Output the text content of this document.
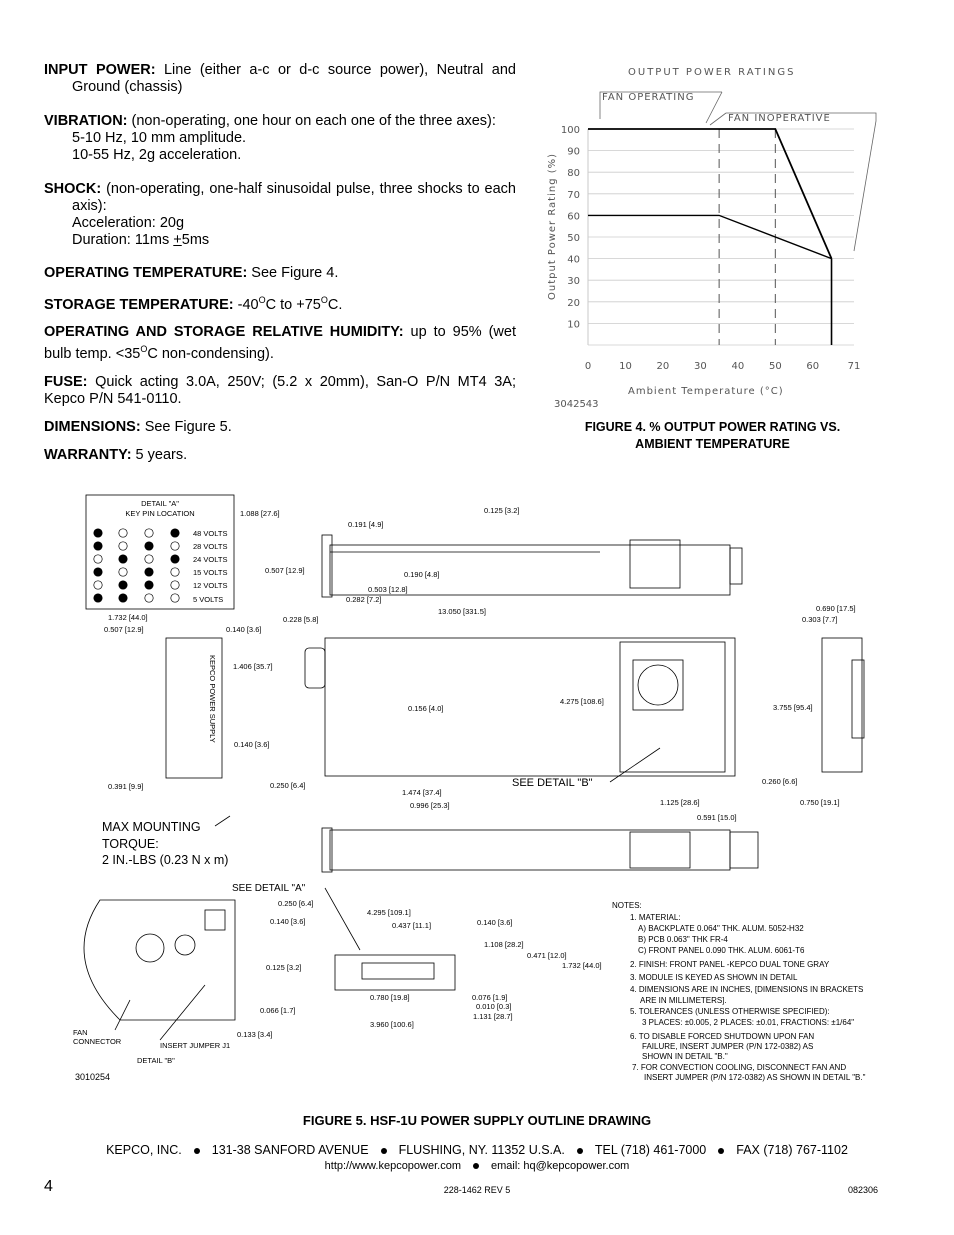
INPUT POWER: Line (either a-c or d-c source power), Neutral and Ground (chassis)

VIBRATION: (non-operating, one hour on each one of the three axes):

5-10 Hz, 10 mm amplitude.

10-55 Hz, 2g acceleration.

SHOCK: (non-operating, one-half sinusoidal pulse, three shocks to each axis):

Acceleration: 20g

Duration: 11ms +5ms

OPERATING TEMPERATURE: See Figure 4.

STORAGE TEMPERATURE: $-40^OC$ to $+75^OC$.

OPERATING AND STORAGE RELATIVE HUMIDITY: up to 95% (wet bulb temp. $<35^OC$ non-condensing).

FUSE: Quick acting 3.0A, 250V; (5.2 x 20mm), San-O P/N MT4 3A; Kepco P/N 541-0110.

DIMENSIONS: See Figure 5.

WARRANTY: 5 years.

OUTPUT POWER RATINGS
10
20
30
40
50
60
70
80
90
100
0	10 20 30 40 50 60	71
FAN OPERATING
FAN INOPERATIVE
Output Power Rating (%)
Ambient Temperature (°C)
3042543
FIGURE 4. % OUTPUT POWER RATING VS.
AMBIENT TEMPERATURE
DETAIL "A"
KEY PIN LOCATION
48 VOLTS
28 VOLTS
24 VOLTS
15 VOLTS
12 VOLTS
5 VOLTS
KEPCO POWER SUPPLY
1.088 [27.6]
0.191 [4.9]
0.125 [3.2]
0.507 [12.9]	0.190 [4.8]
0.503 [12.8]
0.282 [7.2]
1.732 [44.0]
0.507 [12.9]	0.140 [3.6]
0.228 [5.8]
13.050 [331.5]	0.690 [17.5]
0.303 [7.7]
1.406 [35.7]
0.156 [4.0]
4.275 [108.6]
3.755 [95.4]
0.140 [3.6]
0.260 [6.6]
0.391 [9.9]	0.250 [6.4]
1.474 [37.4]
0.996 [25.3]	1.125 [28.6]	0.750 [19.1]
0.591 [15.0]
0.250 [6.4]
4.295 [109.1]
0.140 [3.6]	0.437 [11.1]	0.140 [3.6]
1.108 [28.2]
0.471 [12.0]
1.732 [44.0]
0.125 [3.2]
0.780 [19.8]	0.076 [1.9]
0.010 [0.3]
1.131 [28.7]
0.066 [1.7]
3.960 [100.6]
0.133 [3.4]
SEE DETAIL "B"
SEE DETAIL "A"
MAX MOUNTING
TORQUE:
2 IN.-LBS (0.23 N x m)
FAN
CONNECTOR	INSERT JUMPER J1
DETAIL "B"
3010254
NOTES:
1. MATERIAL:
A) BACKPLATE 0.064" THK. ALUM. 5052-H32
B) PCB 0.063" THK FR-4
C) FRONT PANEL 0.090 THK. ALUM. 6061-T6
2. FINISH: FRONT PANEL -KEPCO DUAL TONE GRAY
3. MODULE IS KEYED AS SHOWN IN DETAIL
4. DIMENSIONS ARE IN INCHES, [DIMENSIONS IN BRACKETS
ARE IN MILLIMETERS].
5. TOLERANCES (UNLESS OTHERWISE SPECIFIED):
3 PLACES: ±0.005, 2 PLACES: ±0.01, FRACTIONS: ±1/64"
6. TO DISABLE FORCED SHUTDOWN UPON FAN
FAILURE, INSERT JUMPER (P/N 172-0382) AS
SHOWN IN DETAIL "B."
7. FOR CONVECTION COOLING, DISCONNECT FAN AND
INSERT JUMPER (P/N 172-0382) AS SHOWN IN DETAIL "B."
FIGURE 5. HSF-1U POWER SUPPLY OUTLINE DRAWING
KEPCO, INC. 131-38 SANFORD AVENUE FLUSHING, NY. 11352 U.S.A. TEL (718) 461-7000 FAX (718) 767-1102
http://www.kepcopower.com	email: hq@kepcopower.com
4	228-1462 REV 5	082306
